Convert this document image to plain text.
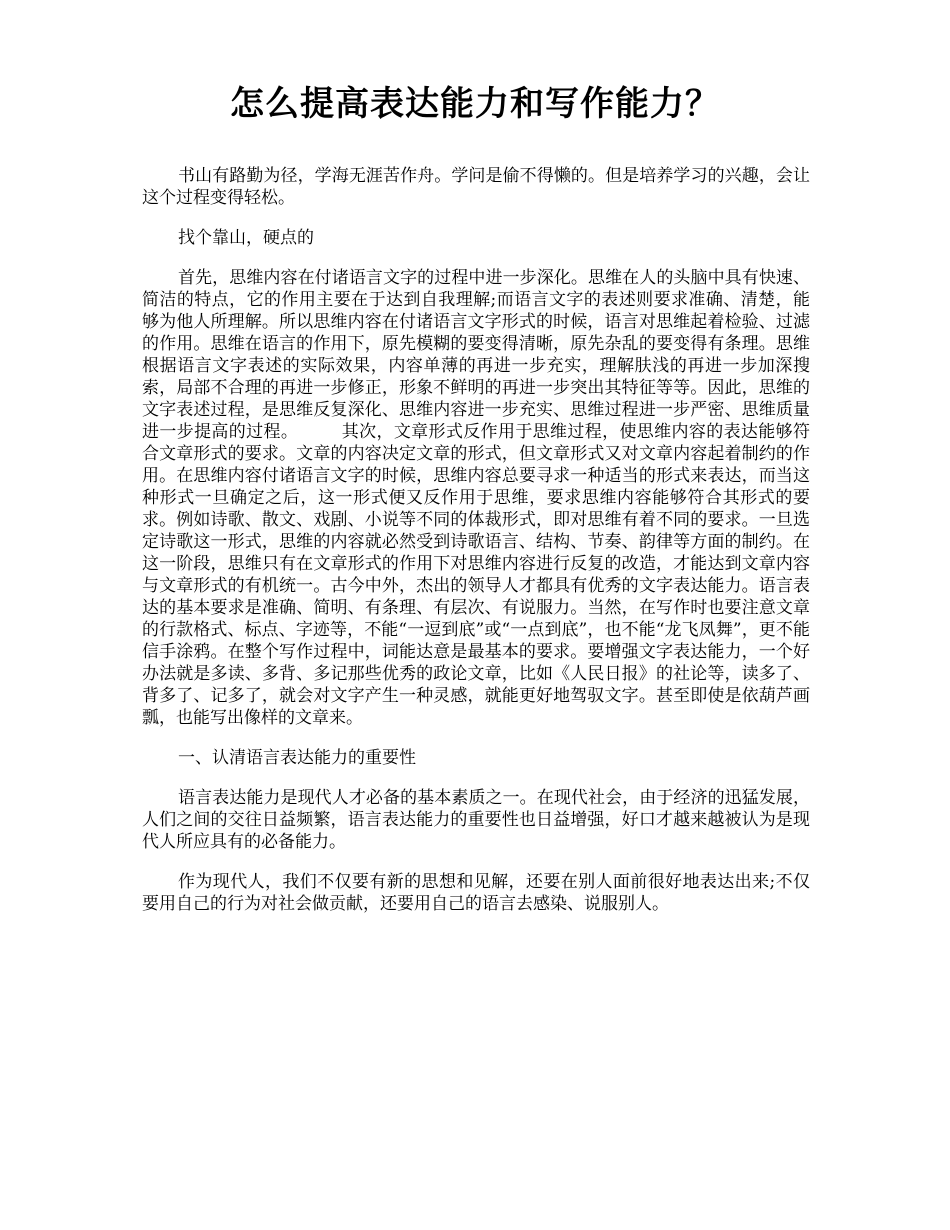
怎么提高表达能力和写作能力？

书山有路勤为径，学海无涯苦作舟。学问是偷不得懒的。但是培养学习的兴趣，会让这个过程变得轻松。

找个靠山，硬点的

首先，思维内容在付诸语言文字的过程中进一步深化。思维在人的头脑中具有快速、简洁的特点，它的作用主要在于达到自我理解;而语言文字的表述则要求准确、清楚，能够为他人所理解。所以思维内容在付诸语言文字形式的时候，语言对思维起着检验、过滤的作用。思维在语言的作用下，原先模糊的要变得清晰，原先杂乱的要变得有条理。思维根据语言文字表述的实际效果，内容单薄的再进一步充实，理解肤浅的再进一步加深搜索，局部不合理的再进一步修正，形象不鲜明的再进一步突出其特征等等。因此，思维的文字表述过程，是思维反复深化、思维内容进一步充实、思维过程进一步严密、思维质量进一步提高的过程。　　　其次，文章形式反作用于思维过程，使思维内容的表达能够符合文章形式的要求。文章的内容决定文章的形式，但文章形式又对文章内容起着制约的作用。在思维内容付诸语言文字的时候，思维内容总要寻求一种适当的形式来表达，而当这种形式一旦确定之后，这一形式便又反作用于思维，要求思维内容能够符合其形式的要求。例如诗歌、散文、戏剧、小说等不同的体裁形式，即对思维有着不同的要求。一旦选定诗歌这一形式，思维的内容就必然受到诗歌语言、结构、节奏、韵律等方面的制约。在这一阶段，思维只有在文章形式的作用下对思维内容进行反复的改造，才能达到文章内容与文章形式的有机统一。古今中外，杰出的领导人才都具有优秀的文字表达能力。语言表达的基本要求是准确、简明、有条理、有层次、有说服力。当然，在写作时也要注意文章的行款格式、标点、字迹等，不能“一逗到底”或“一点到底”，也不能“龙飞凤舞”，更不能信手涂鸦。在整个写作过程中，词能达意是最基本的要求。要增强文字表达能力，一个好办法就是多读、多背、多记那些优秀的政论文章，比如《人民日报》的社论等，读多了、背多了、记多了，就会对文字产生一种灵感，就能更好地驾驭文字。甚至即使是依葫芦画瓢，也能写出像样的文章来。

一、认清语言表达能力的重要性

语言表达能力是现代人才必备的基本素质之一。在现代社会，由于经济的迅猛发展，人们之间的交往日益频繁，语言表达能力的重要性也日益增强，好口才越来越被认为是现代人所应具有的必备能力。

作为现代人，我们不仅要有新的思想和见解，还要在别人面前很好地表达出来;不仅要用自己的行为对社会做贡献，还要用自己的语言去感染、说服别人。
